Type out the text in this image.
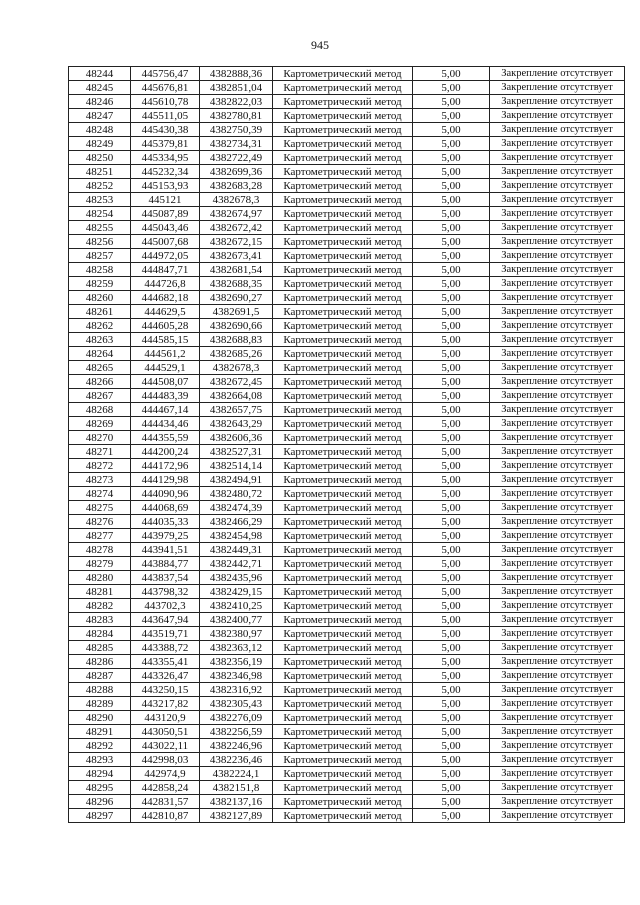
945
48244	445756,47	4382888,36	Картометрический метод	5,00	Закрепление отсутствует
48245	445676,81	4382851,04	Картометрический метод	5,00	Закрепление отсутствует
48246	445610,78	4382822,03	Картометрический метод	5,00	Закрепление отсутствует
48247	445511,05	4382780,81	Картометрический метод	5,00	Закрепление отсутствует
48248	445430,38	4382750,39	Картометрический метод	5,00	Закрепление отсутствует
48249	445379,81	4382734,31	Картометрический метод	5,00	Закрепление отсутствует
48250	445334,95	4382722,49	Картометрический метод	5,00	Закрепление отсутствует
48251	445232,34	4382699,36	Картометрический метод	5,00	Закрепление отсутствует
48252	445153,93	4382683,28	Картометрический метод	5,00	Закрепление отсутствует
48253	445121	4382678,3	Картометрический метод	5,00	Закрепление отсутствует
48254	445087,89	4382674,97	Картометрический метод	5,00	Закрепление отсутствует
48255	445043,46	4382672,42	Картометрический метод	5,00	Закрепление отсутствует
48256	445007,68	4382672,15	Картометрический метод	5,00	Закрепление отсутствует
48257	444972,05	4382673,41	Картометрический метод	5,00	Закрепление отсутствует
48258	444847,71	4382681,54	Картометрический метод	5,00	Закрепление отсутствует
48259	444726,8	4382688,35	Картометрический метод	5,00	Закрепление отсутствует
48260	444682,18	4382690,27	Картометрический метод	5,00	Закрепление отсутствует
48261	444629,5	4382691,5	Картометрический метод	5,00	Закрепление отсутствует
48262	444605,28	4382690,66	Картометрический метод	5,00	Закрепление отсутствует
48263	444585,15	4382688,83	Картометрический метод	5,00	Закрепление отсутствует
48264	444561,2	4382685,26	Картометрический метод	5,00	Закрепление отсутствует
48265	444529,1	4382678,3	Картометрический метод	5,00	Закрепление отсутствует
48266	444508,07	4382672,45	Картометрический метод	5,00	Закрепление отсутствует
48267	444483,39	4382664,08	Картометрический метод	5,00	Закрепление отсутствует
48268	444467,14	4382657,75	Картометрический метод	5,00	Закрепление отсутствует
48269	444434,46	4382643,29	Картометрический метод	5,00	Закрепление отсутствует
48270	444355,59	4382606,36	Картометрический метод	5,00	Закрепление отсутствует
48271	444200,24	4382527,31	Картометрический метод	5,00	Закрепление отсутствует
48272	444172,96	4382514,14	Картометрический метод	5,00	Закрепление отсутствует
48273	444129,98	4382494,91	Картометрический метод	5,00	Закрепление отсутствует
48274	444090,96	4382480,72	Картометрический метод	5,00	Закрепление отсутствует
48275	444068,69	4382474,39	Картометрический метод	5,00	Закрепление отсутствует
48276	444035,33	4382466,29	Картометрический метод	5,00	Закрепление отсутствует
48277	443979,25	4382454,98	Картометрический метод	5,00	Закрепление отсутствует
48278	443941,51	4382449,31	Картометрический метод	5,00	Закрепление отсутствует
48279	443884,77	4382442,71	Картометрический метод	5,00	Закрепление отсутствует
48280	443837,54	4382435,96	Картометрический метод	5,00	Закрепление отсутствует
48281	443798,32	4382429,15	Картометрический метод	5,00	Закрепление отсутствует
48282	443702,3	4382410,25	Картометрический метод	5,00	Закрепление отсутствует
48283	443647,94	4382400,77	Картометрический метод	5,00	Закрепление отсутствует
48284	443519,71	4382380,97	Картометрический метод	5,00	Закрепление отсутствует
48285	443388,72	4382363,12	Картометрический метод	5,00	Закрепление отсутствует
48286	443355,41	4382356,19	Картометрический метод	5,00	Закрепление отсутствует
48287	443326,47	4382346,98	Картометрический метод	5,00	Закрепление отсутствует
48288	443250,15	4382316,92	Картометрический метод	5,00	Закрепление отсутствует
48289	443217,82	4382305,43	Картометрический метод	5,00	Закрепление отсутствует
48290	443120,9	4382276,09	Картометрический метод	5,00	Закрепление отсутствует
48291	443050,51	4382256,59	Картометрический метод	5,00	Закрепление отсутствует
48292	443022,11	4382246,96	Картометрический метод	5,00	Закрепление отсутствует
48293	442998,03	4382236,46	Картометрический метод	5,00	Закрепление отсутствует
48294	442974,9	4382224,1	Картометрический метод	5,00	Закрепление отсутствует
48295	442858,24	4382151,8	Картометрический метод	5,00	Закрепление отсутствует
48296	442831,57	4382137,16	Картометрический метод	5,00	Закрепление отсутствует
48297	442810,87	4382127,89	Картометрический метод	5,00	Закрепление отсутствует
